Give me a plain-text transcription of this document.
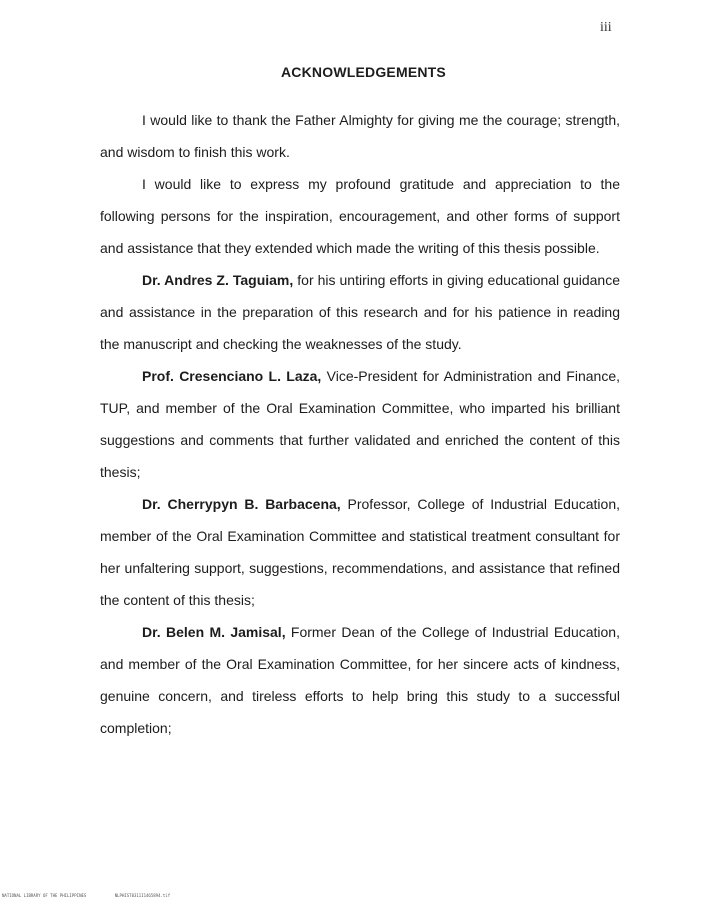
iii
ACKNOWLEDGEMENTS

I would like to thank the Father Almighty for giving me the courage; strength, and wisdom to finish this work.

I would like to express my profound gratitude and appreciation to the following persons for the inspiration, encouragement, and other forms of support and assistance that they extended which made the writing of this thesis possible.

Dr. Andres Z. Taguiam, for his untiring efforts in giving educational guidance and assistance in the preparation of this research and for his patience in reading the manuscript and checking the weaknesses of the study.

Prof. Cresenciano L. Laza, Vice-President for Administration and Finance, TUP, and member of the Oral Examination Committee, who imparted his brilliant suggestions and comments that further validated and enriched the content of this thesis;

Dr. Cherrypyn B. Barbacena, Professor, College of Industrial Education, member of the Oral Examination Committee and statistical treatment consultant for her unfaltering support, suggestions, recommendations, and assistance that refined the content of this thesis;

Dr. Belen M. Jamisal, Former Dean of the College of Industrial Education, and member of the Oral Examination Committee, for her sincere acts of kindness, genuine concern, and tireless efforts to help bring this study to a successful completion;

NATIONAL LIBRARY OF THE PHILIPPINES	NLPHIST0311I1465894.tif
